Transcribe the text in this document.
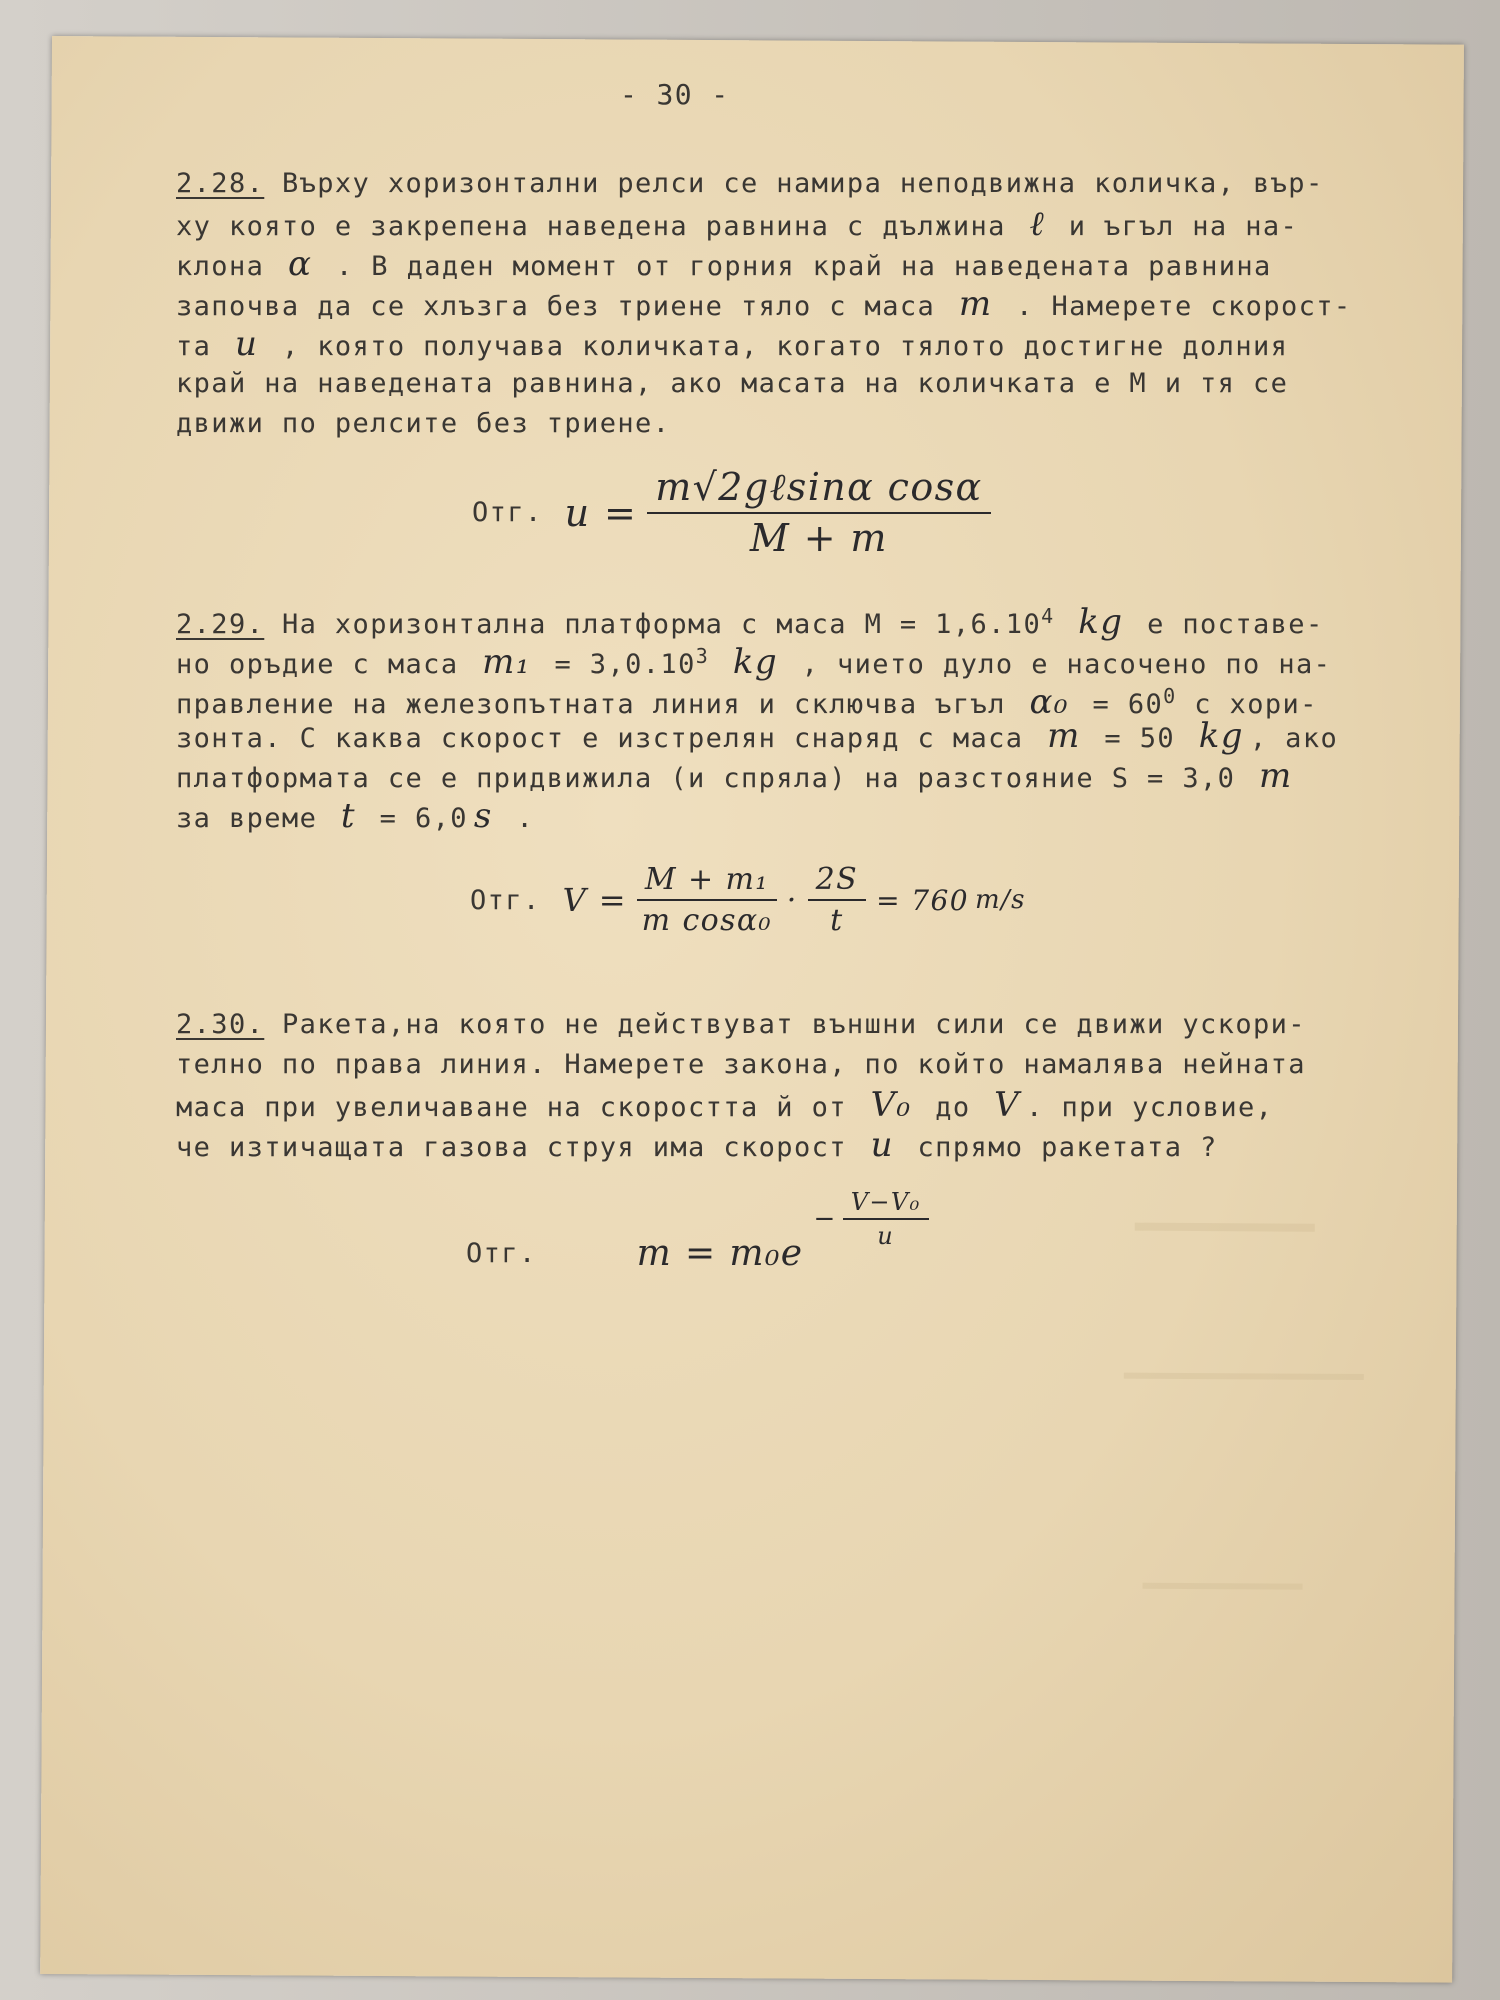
- 30 -
2.28. Върху хоризонтални релси се намира неподвижна количка, вър-
ху която е закрепена наведена равнина с дължина ℓ и ъгъл на на-
клона α . В даден момент от горния край на наведената равнина
започва да се хлъзга без триене тяло с маса m . Намерете скорост-
та u , която получава количката, когато тялото достигне долния
край на наведената равнина, ако масата на количката е М и тя се
движи по релсите без триене.
Отг. $u = \frac{\text{m√2gℓsinα cosα}}{M + m}$
2.29. На хоризонтална платформа с маса $М = 1,6.10^4$ kg е поставе-
но оръдие с маса $m_1 = 3,0.10^3$ kg , чието дуло е насочено по на-
правление на железопътната линия и сключва ъгъл $\alpha_0 = 60^0$ с хори-
зонта. С каква скорост е изстрелян снаряд с маса m = 50 kg , ако
платформата се е придвижила (и спряла) на разстояние S = 3,0 m
за време t = 6,0 s .
Отг. $V = \frac{\text{M + m₁}}{\text{m cosα₀}} \cdot \frac{2S}{t} = 760$ m/s
2.30. Ракета,на която не действуват външни сили се движи ускори-
телно по права линия. Намерете закона, по който намалява нейната
маса при увеличаване на скоростта й от V₀ до V . при условие,
че изтичащата газова струя има скорост u спрямо ракетата ?
Отг.	m = m₀e
− $\frac{\text{V−V₀}}{u}$
